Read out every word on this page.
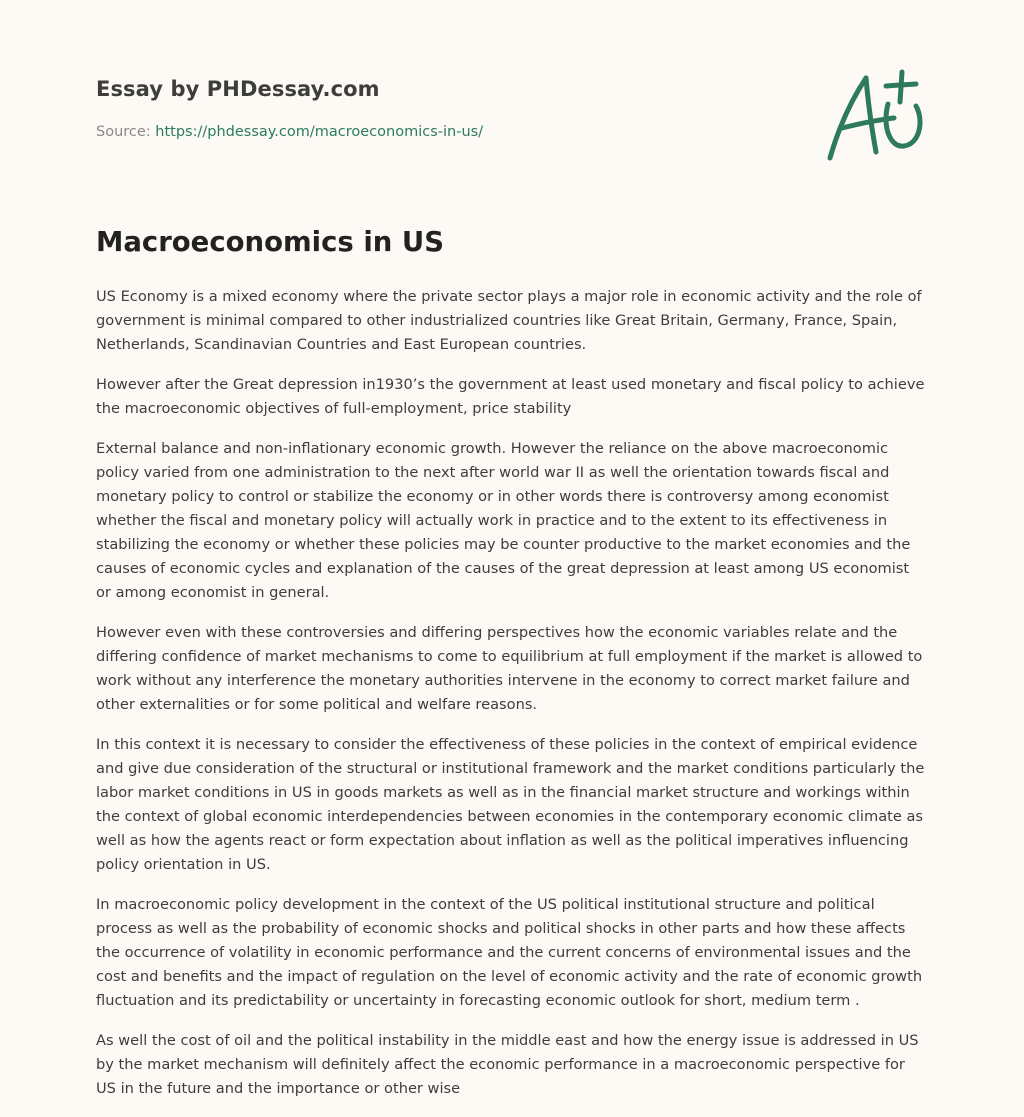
Essay by PHDessay.com
Source: https://phdessay.com/macroeconomics-in-us/
Macroeconomics in US

US Economy is a mixed economy where the private sector plays a major role in economic activity and the role of government is minimal compared to other industrialized countries like Great Britain, Germany, France, Spain, Netherlands, Scandinavian Countries and East European countries.

However after the Great depression in1930’s the government at least used monetary and fiscal policy to achieve the macroeconomic objectives of full-employment, price stability

External balance and non-inflationary economic growth. However the reliance on the above macroeconomic policy varied from one administration to the next after world war II as well the orientation towards fiscal and monetary policy to control or stabilize the economy or in other words there is controversy among economist whether the fiscal and monetary policy will actually work in practice and to the extent to its effectiveness in stabilizing the economy or whether these policies may be counter productive to the market economies and the causes of economic cycles and explanation of the causes of the great depression at least among US economist or among economist in general.

However even with these controversies and differing perspectives how the economic variables relate and the differing confidence of market mechanisms to come to equilibrium at full employment if the market is allowed to work without any interference the monetary authorities intervene in the economy to correct market failure and other externalities or for some political and welfare reasons.

In this context it is necessary to consider the effectiveness of these policies in the context of empirical evidence and give due consideration of the structural or institutional framework and the market conditions particularly the labor market conditions in US in goods markets as well as in the financial market structure and workings within the context of global economic interdependencies between economies in the contemporary economic climate as well as how the agents react or form expectation about inflation as well as the political imperatives influencing policy orientation in US.

In macroeconomic policy development in the context of the US political institutional structure and political process as well as the probability of economic shocks and political shocks in other parts and how these affects the occurrence of volatility in economic performance and the current concerns of environmental issues and the cost and benefits and the impact of regulation on the level of economic activity and the rate of economic growth fluctuation and its predictability or uncertainty in forecasting economic outlook for short, medium term .

As well the cost of oil and the political instability in the middle east and how the energy issue is addressed in US by the market mechanism will definitely affect the economic performance in a macroeconomic perspective for US in the future and the importance or other wise
